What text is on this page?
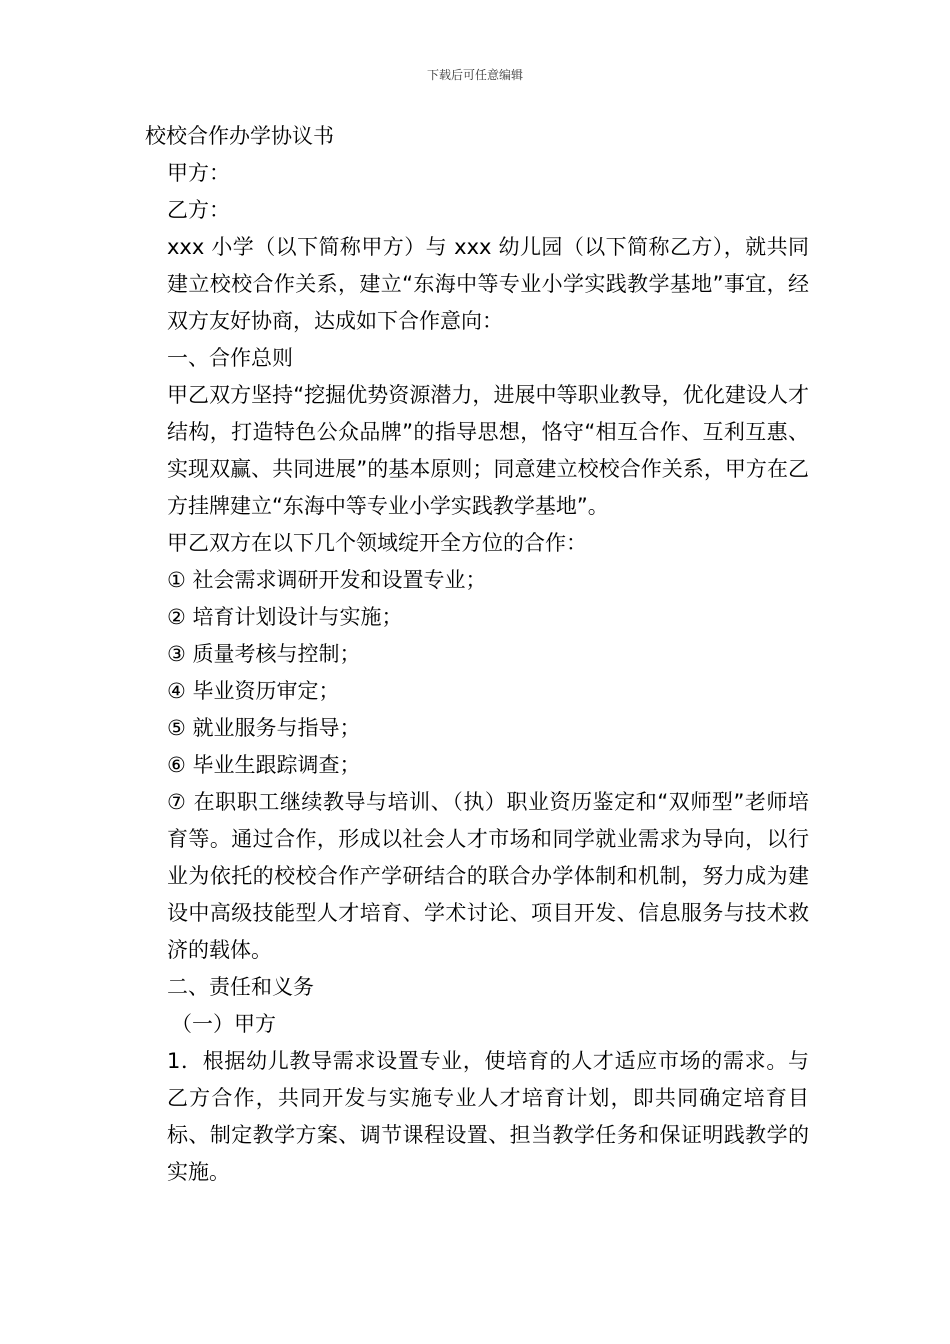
下载后可任意编辑

校校合作办学协议书

甲方：

乙方：

xxx 小学（以下简称甲方）与 xxx 幼儿园（以下简称乙方），就共同建立校校合作关系，建立“东海中等专业小学实践教学基地”事宜，经双方友好协商，达成如下合作意向：

一、合作总则

甲乙双方坚持“挖掘优势资源潜力，进展中等职业教导，优化建设人才结构，打造特色公众品牌”的指导思想，恪守“相互合作、互利互惠、实现双赢、共同进展”的基本原则；同意建立校校合作关系，甲方在乙方挂牌建立“东海中等专业小学实践教学基地”。

甲乙双方在以下几个领域绽开全方位的合作：

① 社会需求调研开发和设置专业；

② 培育计划设计与实施；

③ 质量考核与控制；

④ 毕业资历审定；

⑤ 就业服务与指导；

⑥ 毕业生跟踪调查；

⑦ 在职职工继续教导与培训、（执）职业资历鉴定和“双师型”老师培育等。通过合作，形成以社会人才市场和同学就业需求为导向，以行业为依托的校校合作产学研结合的联合办学体制和机制，努力成为建设中高级技能型人才培育、学术讨论、项目开发、信息服务与技术救济的载体。

二、责任和义务

（一）甲方

1．根据幼儿教导需求设置专业，使培育的人才适应市场的需求。与乙方合作，共同开发与实施专业人才培育计划，即共同确定培育目标、制定教学方案、调节课程设置、担当教学任务和保证明践教学的实施。
